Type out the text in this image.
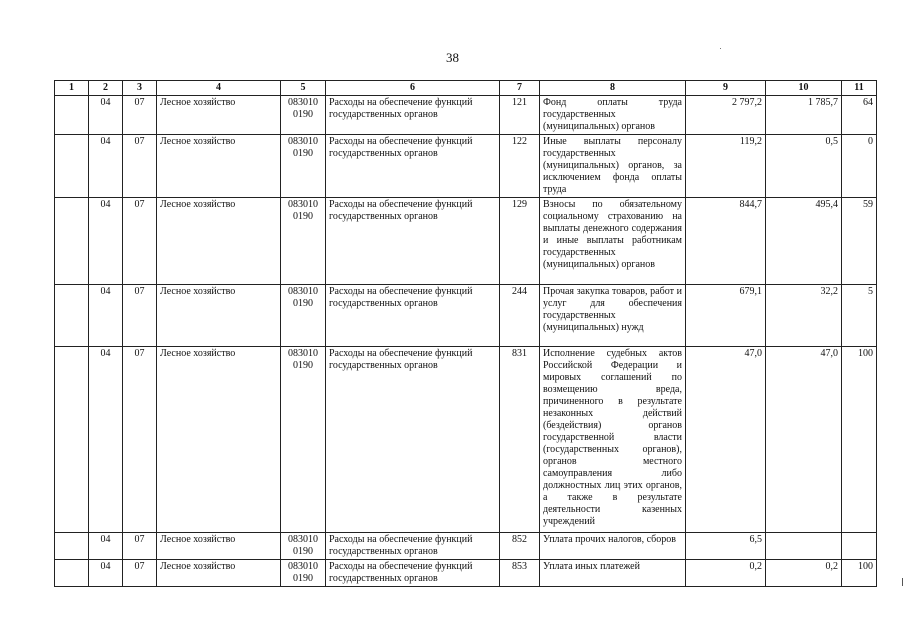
38
1	2	3	4	5	6	7	8	9	10	11
	04	07	Лесное хозяйство	083010 0190	Расходы на обеспечение функций государственных органов	121	Фонд оплаты труда государственных (муниципальных) органов	2 797,2	1 785,7	64
	04	07	Лесное хозяйство	083010 0190	Расходы на обеспечение функций государственных органов	122	Иные выплаты персоналу государственных (муниципальных) органов, за исключением фонда оплаты труда	119,2	0,5	0
	04	07	Лесное хозяйство	083010 0190	Расходы на обеспечение функций государственных органов	129	Взносы по обязательному социальному страхованию на выплаты денежного содержания и иные выплаты работникам государственных (муниципальных) органов	844,7	495,4	59
	04	07	Лесное хозяйство	083010 0190	Расходы на обеспечение функций государственных органов	244	Прочая закупка товаров, работ и услуг для обеспечения государственных (муниципальных) нужд	679,1	32,2	5
	04	07	Лесное хозяйство	083010 0190	Расходы на обеспечение функций государственных органов	831	Исполнение судебных актов Российской Федерации и мировых соглашений по возмещению вреда, причиненного в результате незаконных действий (бездействия) органов государственной власти (государственных органов), органов местного самоуправления либо должностных лиц этих органов, а также в результате деятельности казенных учреждений	47,0	47,0	100
	04	07	Лесное хозяйство	083010 0190	Расходы на обеспечение функций государственных органов	852	Уплата прочих налогов, сборов	6,5		
	04	07	Лесное хозяйство	083010 0190	Расходы на обеспечение функций государственных органов	853	Уплата иных платежей	0,2	0,2	100
